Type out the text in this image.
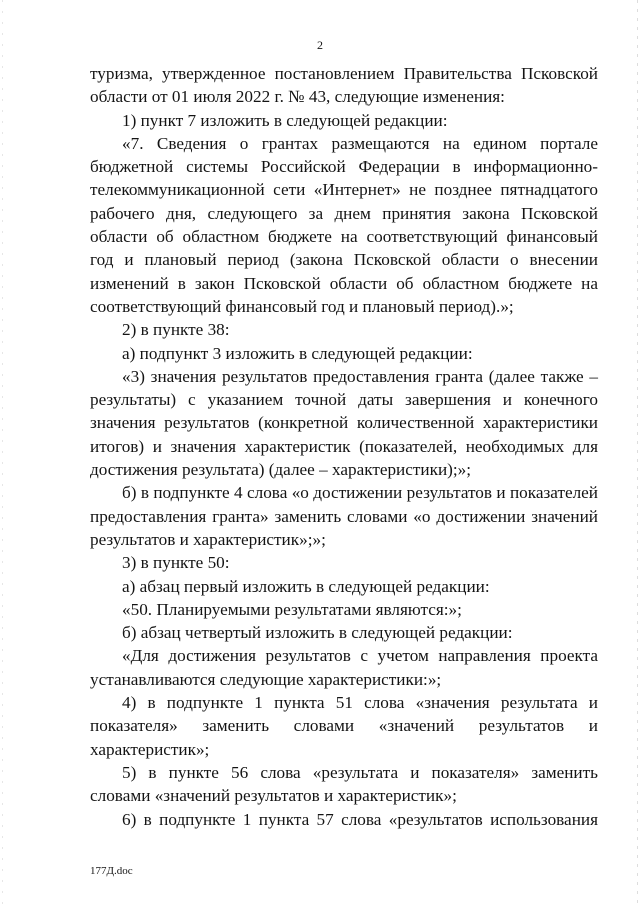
2

туризма, утвержденное постановлением Правительства Псковской области от 01 июля 2022 г. № 43, следующие изменения:

1) пункт 7 изложить в следующей редакции:

«7. Сведения о грантах размещаются на едином портале бюджетной системы Российской Федерации в информационно-телекоммуникационной сети «Интернет» не позднее пятнадцатого рабочего дня, следующего за днем принятия закона Псковской области об областном бюджете на соответствующий финансовый год и плановый период (закона Псковской области о внесении изменений в закон Псковской области об областном бюджете на соответствующий финансовый год и плановый период).»;

2) в пункте 38:

а) подпункт 3 изложить в следующей редакции:

«3) значения результатов предоставления гранта (далее также – результаты) с указанием точной даты завершения и конечного значения результатов (конкретной количественной характеристики итогов) и значения характеристик (показателей, необходимых для достижения результата) (далее – характеристики);»;

б) в подпункте 4 слова «о достижении результатов и показателей предоставления гранта» заменить словами «о достижении значений результатов и характеристик»;»;

3) в пункте 50:

а) абзац первый изложить в следующей редакции:

«50. Планируемыми результатами являются:»;

б) абзац четвертый изложить в следующей редакции:

«Для достижения результатов с учетом направления проекта устанавливаются следующие характеристики:»;

4) в подпункте 1 пункта 51 слова «значения результата и показателя» заменить словами «значений результатов и характеристик»;

5) в пункте 56 слова «результата и показателя» заменить словами «значений результатов и характеристик»;

6) в подпункте 1 пункта 57 слова «результатов использования

177Д.doc
